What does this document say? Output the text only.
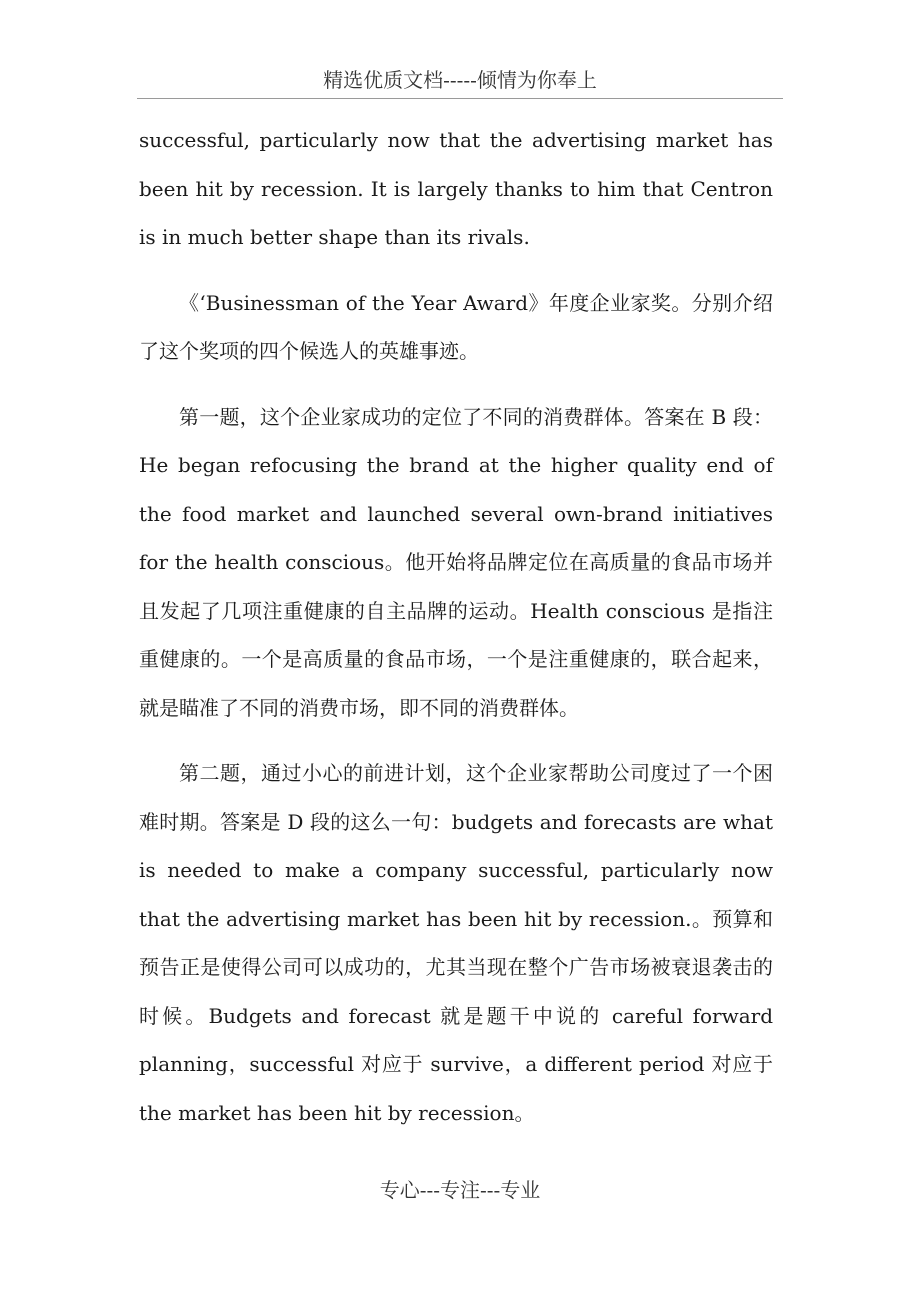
精选优质文档-----倾情为你奉上

successful, particularly now that the advertising market has been hit by recession. It is largely thanks to him that Centron is in much better shape than its rivals.

《‘Businessman of the Year Award》年度企业家奖。分别介绍了这个奖项的四个候选人的英雄事迹。

第一题，这个企业家成功的定位了不同的消费群体。答案在 B 段：He began refocusing the brand at the higher quality end of the food market and launched several own-brand initiatives for the health conscious。他开始将品牌定位在高质量的食品市场并且发起了几项注重健康的自主品牌的运动。Health conscious 是指注重健康的。一个是高质量的食品市场，一个是注重健康的，联合起来，就是瞄准了不同的消费市场，即不同的消费群体。

第二题，通过小心的前进计划，这个企业家帮助公司度过了一个困难时期。答案是 D 段的这么一句：budgets and forecasts are what is needed to make a company successful, particularly now that the advertising market has been hit by recession.。预算和预告正是使得公司可以成功的，尤其当现在整个广告市场被衰退袭击的时候。Budgets and forecast 就是题干中说的 careful forward planning，successful 对应于 survive，a different period 对应于 the market has been hit by recession。

专心---专注---专业
